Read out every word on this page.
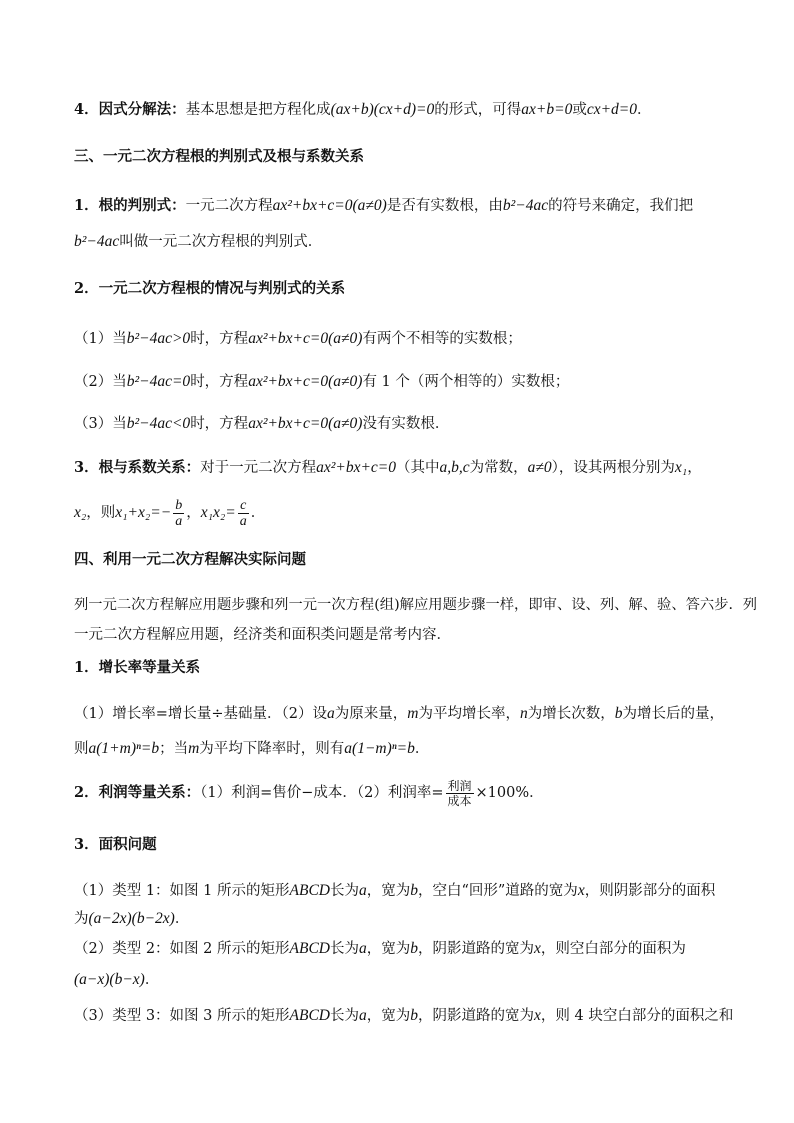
4．因式分解法：基本思想是把方程化成(ax+b)(cx+d)=0的形式，可得ax+b=0或cx+d=0．
三、一元二次方程根的判别式及根与系数关系
1．根的判别式：一元二次方程ax²+bx+c=0(a≠0)是否有实数根，由b²−4ac的符号来确定，我们把
b²−4ac叫做一元二次方程根的判别式．
2．一元二次方程根的情况与判别式的关系
（1）当b²−4ac>0时，方程ax²+bx+c=0(a≠0)有两个不相等的实数根；
（2）当b²−4ac=0时，方程ax²+bx+c=0(a≠0)有 1 个（两个相等的）实数根；
（3）当b²−4ac<0时，方程ax²+bx+c=0(a≠0)没有实数根．
3．根与系数关系：对于一元二次方程ax²+bx+c=0（其中a,b,c为常数，a≠0），设其两根分别为x₁，
x₂，则$x_1+x_2=- \frac{b}{a}$ ，$x_1x_2= \frac{c}{a}$ ．
四、利用一元二次方程解决实际问题
列一元二次方程解应用题步骤和列一元一次方程(组)解应用题步骤一样，即审、设、列、解、验、答六步．列
一元二次方程解应用题，经济类和面积类问题是常考内容．
1．增长率等量关系
（1）增长率=增长量÷基础量．（2）设a为原来量，m为平均增长率，n为增长次数，b为增长后的量，
则a(1+m)ⁿ=b；当m为平均下降率时，则有a(1−m)ⁿ=b．
2．利润等量关系：（1）利润=售价−成本．（2）利润率= $\frac{\text{利润}}{\text{成本}} \times 100\%$．
3．面积问题
（1）类型 1：如图 1 所示的矩形ABCD长为a，宽为b，空白“回形”道路的宽为x，则阴影部分的面积
为(a−2x)(b−2x)．
（2）类型 2：如图 2 所示的矩形ABCD长为a，宽为b，阴影道路的宽为x，则空白部分的面积为
(a−x)(b−x)．
（3）类型 3：如图 3 所示的矩形ABCD长为a，宽为b，阴影道路的宽为x，则 4 块空白部分的面积之和
